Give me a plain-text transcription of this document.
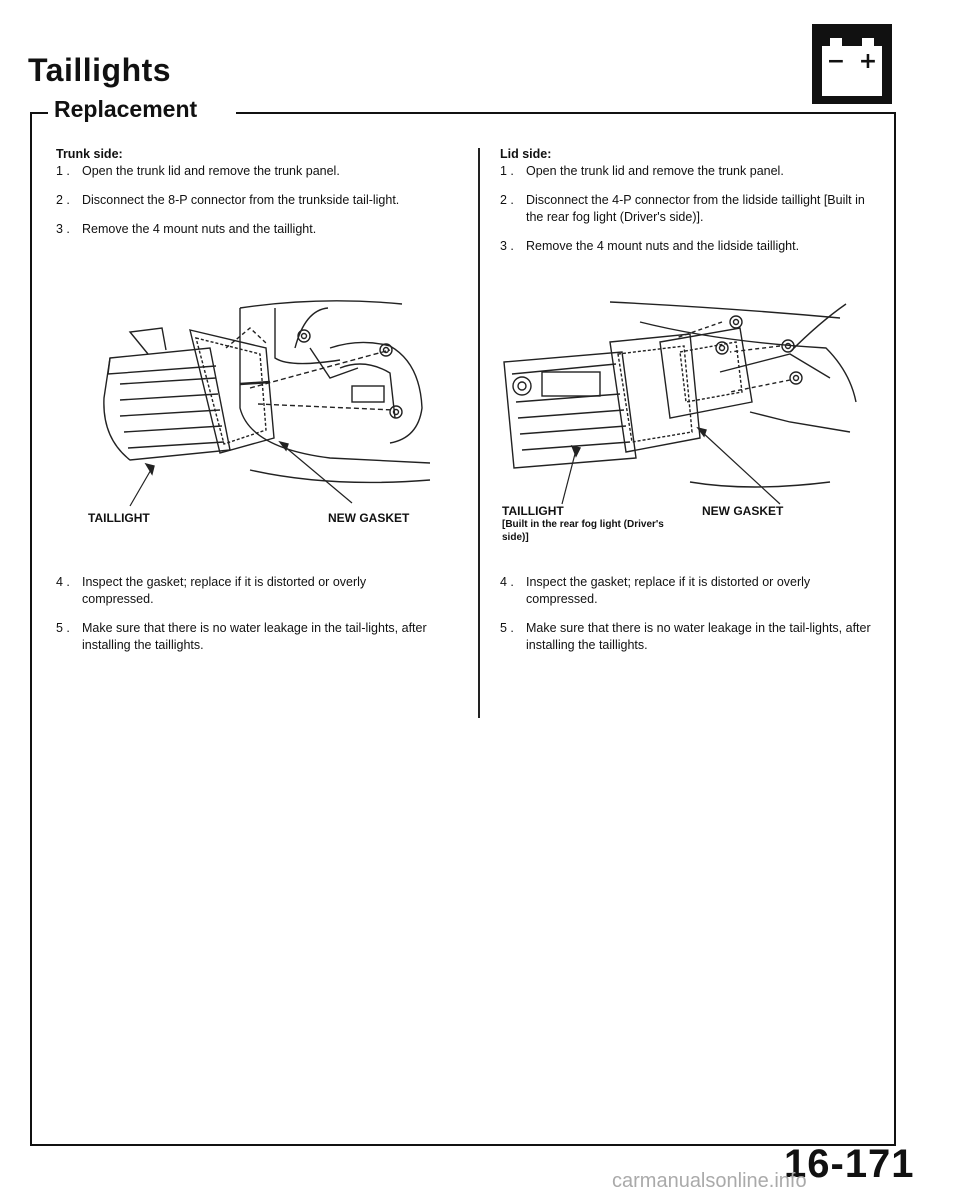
Taillights	− +
Replacement

Trunk side:

1 . Open the trunk lid and remove the trunk panel.
2 . Disconnect the 8-P connector from the trunkside tail-light.
3 . Remove the 4 mount nuts and the taillight.
TAILLIGHT	NEW GASKET
4 . Inspect the gasket; replace if it is distorted or overly compressed.
5 . Make sure that there is no water leakage in the tail-lights, after installing the taillights.

Lid side:

1 . Open the trunk lid and remove the trunk panel.
2 . Disconnect the 4-P connector from the lidside taillight [Built in the rear fog light (Driver's side)].
3 . Remove the 4 mount nuts and the lidside taillight.
TAILLIGHT
[Built in the rear fog light (Driver's side)]
NEW GASKET
4 . Inspect the gasket; replace if it is distorted or overly compressed.
5 . Make sure that there is no water leakage in the tail-lights, after installing the taillights.
16-171
carmanualsonline.info
